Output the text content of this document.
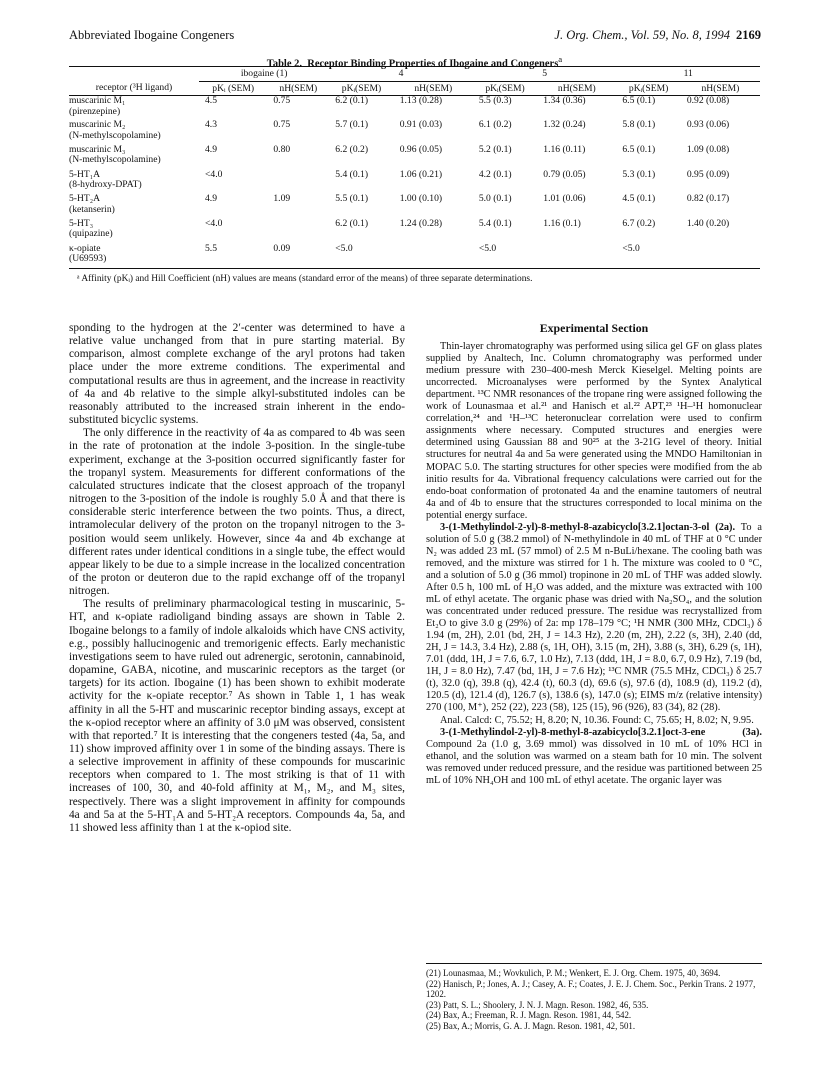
Abbreviated Ibogaine Congeners	J. Org. Chem., Vol. 59, No. 8, 1994 2169
Table 2. Receptor Binding Properties of Ibogaine and Congeners$^a$
	ibogaine (1)		4		5		11	
receptor (³H ligand)	pKᵢ (SEM)	nH(SEM)	pKᵢ(SEM)	nH(SEM)	pKᵢ(SEM)	nH(SEM)	pKᵢ(SEM)	nH(SEM)

muscarinic M₁
(pirenzepine)	4.5	0.75	6.2 (0.1)	1.13 (0.28)	5.5 (0.3)	1.34 (0.36)	6.5 (0.1)	0.92 (0.08)

muscarinic M₂
(N-methylscopolamine)	4.3	0.75	5.7 (0.1)	0.91 (0.03)	6.1 (0.2)	1.32 (0.24)	5.8 (0.1)	0.93 (0.06)

muscarinic M₃
(N-methylscopolamine)	4.9	0.80	6.2 (0.2)	0.96 (0.05)	5.2 (0.1)	1.16 (0.11)	6.5 (0.1)	1.09 (0.08)

5-HT₁A
(8-hydroxy-DPAT)	<4.0		5.4 (0.1)	1.06 (0.21)	4.2 (0.1)	0.79 (0.05)	5.3 (0.1)	0.95 (0.09)

5-HT₂A
(ketanserin)	4.9	1.09	5.5 (0.1)	1.00 (0.10)	5.0 (0.1)	1.01 (0.06)	4.5 (0.1)	0.82 (0.17)

5-HT₃
(quipazine)	<4.0		6.2 (0.1)	1.24 (0.28)	5.4 (0.1)	1.16 (0.1)	6.7 (0.2)	1.40 (0.20)

κ-opiate
(U69593)	5.5	0.09	<5.0		<5.0		<5.0	
ᵃ Affinity (pKᵢ) and Hill Coefficient (nH) values are means (standard error of the means) of three separate determinations.

sponding to the hydrogen at the 2′-center was determined to have a relative value unchanged from that in pure starting material. By comparison, almost complete exchange of the aryl protons had taken place under the more extreme conditions. The experimental and computational results are thus in agreement, and the increase in reactivity of 4a and 4b relative to the simple alkyl-substituted indoles can be reasonably attributed to the increased strain inherent in the endo-substituted bicyclic systems.

The only difference in the reactivity of 4a as compared to 4b was seen in the rate of protonation at the indole 3-position. In the single-tube experiment, exchange at the 3-position occurred significantly faster for the tropanyl system. Measurements for different conformations of the calculated structures indicate that the closest approach of the tropanyl nitrogen to the 3-position of the indole is roughly 5.0 Å and that there is considerable steric interference between the two points. Thus, a direct, intramolecular delivery of the proton on the tropanyl nitrogen to the 3-position would seem unlikely. However, since 4a and 4b exchange at different rates under identical conditions in a single tube, the effect would appear likely to be due to a simple increase in the localized concentration of the proton or deuteron due to the rapid exchange off of the tropanyl nitrogen.

The results of preliminary pharmacological testing in muscarinic, 5-HT, and κ-opiate radioligand binding assays are shown in Table 2. Ibogaine belongs to a family of indole alkaloids which have CNS activity, e.g., possibly hallucinogenic and tremorigenic effects. Early mechanistic investigations seem to have ruled out adrenergic, serotonin, cannabinoid, dopamine, GABA, nicotine, and muscarinic receptors as the target (or targets) for its action. Ibogaine (1) has been shown to exhibit moderate activity for the κ-opiate receptor.⁷ As shown in Table 1, 1 has weak affinity in all the 5-HT and muscarinic receptor binding assays, except at the κ-opiod receptor where an affinity of 3.0 μM was observed, consistent with that reported.⁷ It is interesting that the congeners tested (4a, 5a, and 11) show improved affinity over 1 in some of the binding assays. There is a selective improvement in affinity of these compounds for muscarinic receptors when compared to 1. The most striking is that of 11 with increases of 100, 30, and 40-fold affinity at M₁, M₂, and M₃ sites, respectively. There was a slight improvement in affinity for compounds 4a and 5a at the 5-HT₁A and 5-HT₂A receptors. Compounds 4a, 5a, and 11 showed less affinity than 1 at the κ-opiod site.

Experimental Section

Thin-layer chromatography was performed using silica gel GF on glass plates supplied by Analtech, Inc. Column chromatography was performed under medium pressure with 230–400-mesh Merck Kieselgel. Melting points are uncorrected. Microanalyses were performed by the Syntex Analytical department. ¹³C NMR resonances of the tropane ring were assigned following the work of Lounasmaa et al.²¹ and Hanisch et al.²² APT,²³ ¹H–¹H homonuclear correlation,²⁴ and ¹H–¹³C heteronuclear correlation were used to confirm assignments where necessary. Computed structures and energies were determined using Gaussian 88 and 90²⁵ at the 3-21G level of theory. Initial structures for neutral 4a and 5a were generated using the MNDO Hamiltonian in MOPAC 5.0. The starting structures for other species were modified from the ab initio results for 4a. Vibrational frequency calculations were carried out for the endo-boat conformation of protonated 4a and the enamine tautomers of neutral 4a and of 4b to ensure that the structures corresponded to local minima on the potential energy surface.

3-(1-Methylindol-2-yl)-8-methyl-8-azabicyclo[3.2.1]octan-3-ol (2a). To a solution of 5.0 g (38.2 mmol) of N-methylindole in 40 mL of THF at 0 °C under N₂ was added 23 mL (57 mmol) of 2.5 M n-BuLi/hexane. The cooling bath was removed, and the mixture was stirred for 1 h. The mixture was cooled to 0 °C, and a solution of 5.0 g (36 mmol) tropinone in 20 mL of THF was added slowly. After 0.5 h, 100 mL of H₂O was added, and the mixture was extracted with 100 mL of ethyl acetate. The organic phase was dried with Na₂SO₄, and the solution was concentrated under reduced pressure. The residue was recrystallized from Et₂O to give 3.0 g (29%) of 2a: mp 178–179 °C; ¹H NMR (300 MHz, CDCl₃) δ 1.94 (m, 2H), 2.01 (bd, 2H, J = 14.3 Hz), 2.20 (m, 2H), 2.22 (s, 3H), 2.40 (dd, 2H, J = 14.3, 3.4 Hz), 2.88 (s, 1H, OH), 3.15 (m, 2H), 3.88 (s, 3H), 6.29 (s, 1H), 7.01 (ddd, 1H, J = 7.6, 6.7, 1.0 Hz), 7.13 (ddd, 1H, J = 8.0, 6.7, 0.9 Hz), 7.19 (bd, 1H, J = 8.0 Hz), 7.47 (bd, 1H, J = 7.6 Hz); ¹³C NMR (75.5 MHz, CDCl₃) δ 25.7 (t), 32.0 (q), 39.8 (q), 42.4 (t), 60.3 (d), 69.6 (s), 97.6 (d), 108.9 (d), 119.2 (d), 120.5 (d), 121.4 (d), 126.7 (s), 138.6 (s), 147.0 (s); EIMS m/z (relative intensity) 270 (100, M⁺), 252 (22), 223 (58), 125 (15), 96 (926), 83 (34), 82 (28).

Anal. Calcd: C, 75.52; H, 8.20; N, 10.36. Found: C, 75.65; H, 8.02; N, 9.95.

3-(1-Methylindol-2-yl)-8-methyl-8-azabicyclo[3.2.1]oct-3-ene (3a). Compound 2a (1.0 g, 3.69 mmol) was dissolved in 10 mL of 10% HCl in ethanol, and the solution was warmed on a steam bath for 10 min. The solvent was removed under reduced pressure, and the residue was partitioned between 25 mL of 10% NH₄OH and 100 mL of ethyl acetate. The organic layer was

(21) Lounasmaa, M.; Wovkulich, P. M.; Wenkert, E. J. Org. Chem. 1975, 40, 3694.
(22) Hanisch, P.; Jones, A. J.; Casey, A. F.; Coates, J. E. J. Chem. Soc., Perkin Trans. 2 1977, 1202.
(23) Patt, S. L.; Shoolery, J. N. J. Magn. Reson. 1982, 46, 535.
(24) Bax, A.; Freeman, R. J. Magn. Reson. 1981, 44, 542.
(25) Bax, A.; Morris, G. A. J. Magn. Reson. 1981, 42, 501.
